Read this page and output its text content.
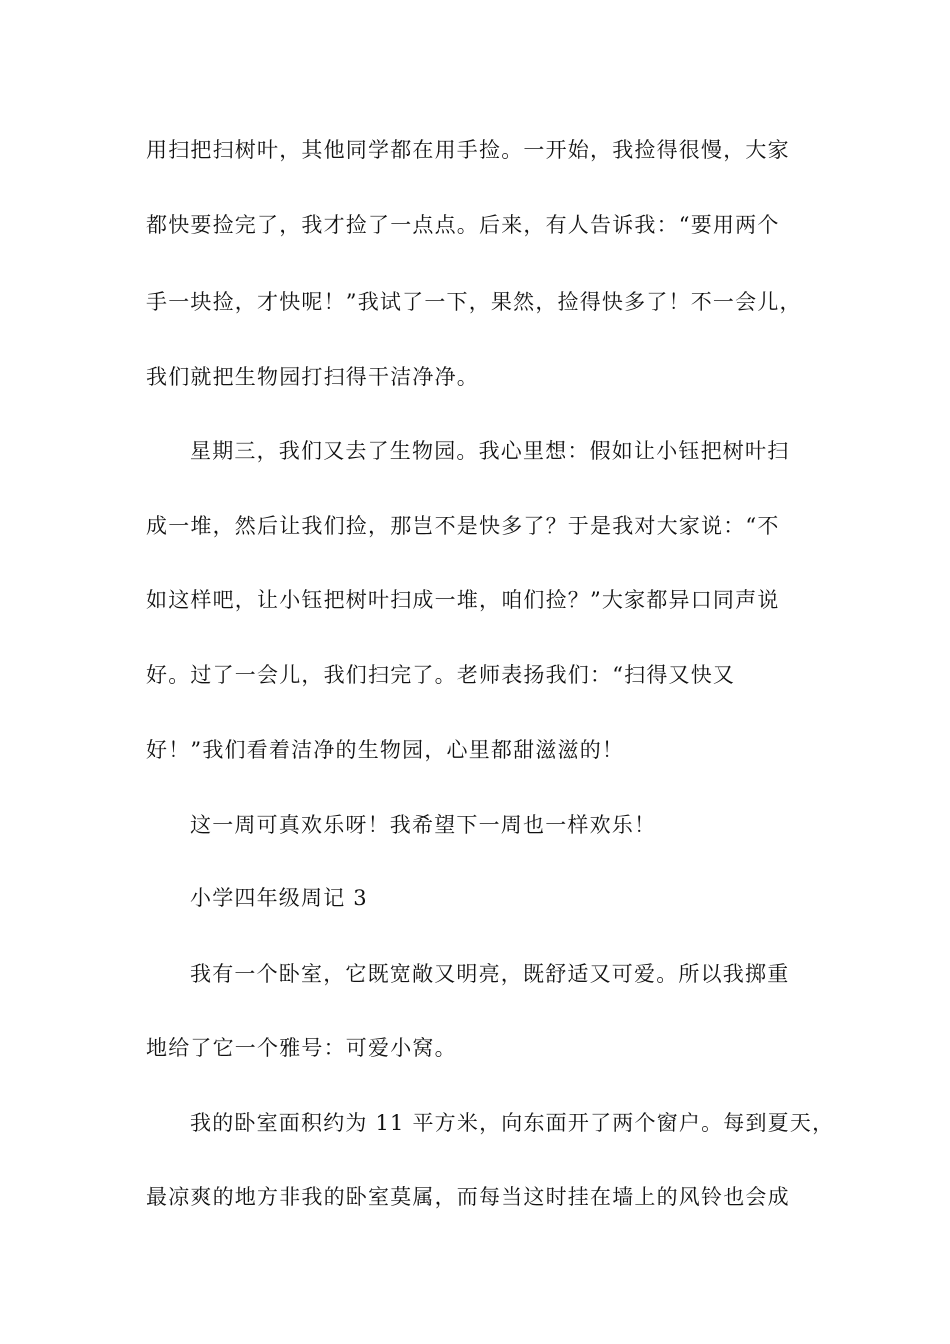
用扫把扫树叶，其他同学都在用手捡。一开始，我捡得很慢，大家

都快要捡完了，我才捡了一点点。后来，有人告诉我：“要用两个

手一块捡，才快呢！”我试了一下，果然，捡得快多了！不一会儿，

我们就把生物园打扫得干洁净净。

星期三，我们又去了生物园。我心里想：假如让小钰把树叶扫

成一堆，然后让我们捡，那岂不是快多了？于是我对大家说：“不

如这样吧，让小钰把树叶扫成一堆，咱们捡？”大家都异口同声说

好。过了一会儿，我们扫完了。老师表扬我们：“扫得又快又

好！”我们看着洁净的生物园，心里都甜滋滋的！

这一周可真欢乐呀！我希望下一周也一样欢乐！

小学四年级周记 3

我有一个卧室，它既宽敞又明亮，既舒适又可爱。所以我掷重

地给了它一个雅号：可爱小窝。

我的卧室面积约为 11 平方米，向东面开了两个窗户。每到夏天，

最凉爽的地方非我的卧室莫属，而每当这时挂在墙上的风铃也会成
